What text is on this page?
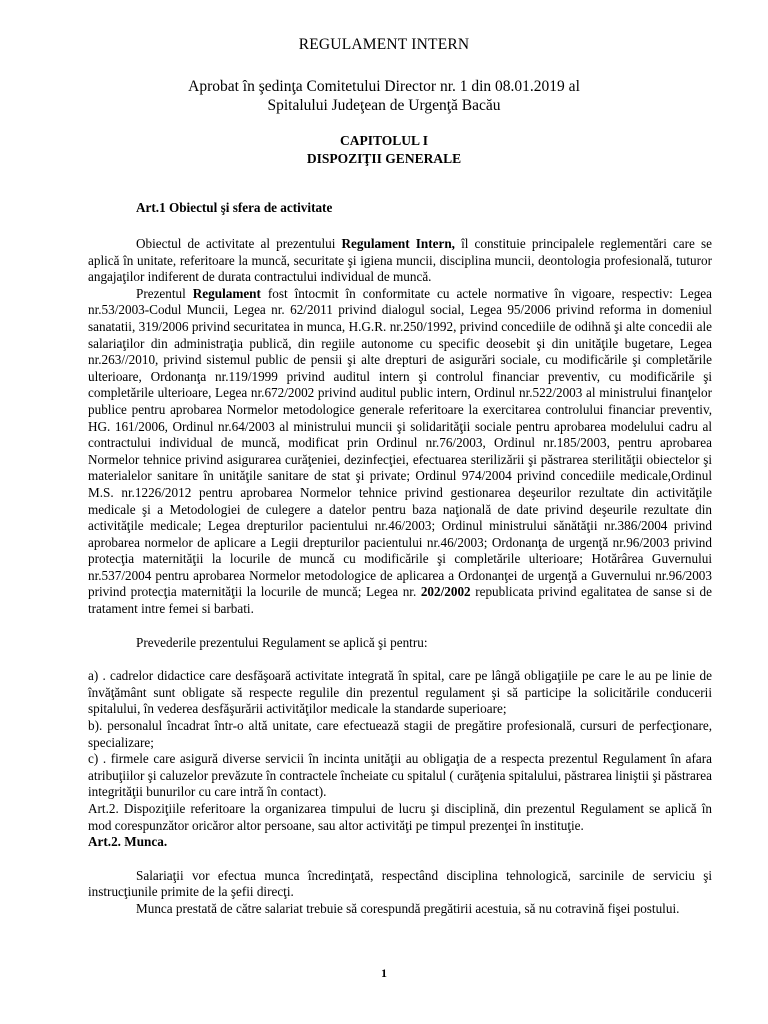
REGULAMENT INTERN
Aprobat în şedinţa Comitetului Director nr. 1 din 08.01.2019 al
Spitalului Judeţean de Urgenţă Bacău
CAPITOLUL I
DISPOZIŢII GENERALE

Art.1 Obiectul şi sfera de activitate

Obiectul de activitate al prezentului Regulament Intern, îl constituie principalele reglementări care se aplică în unitate, referitoare la muncă, securitate şi igiena muncii, disciplina muncii, deontologia profesională, tuturor angajaţilor indiferent de durata contractului individual de muncă.

Prezentul Regulament fost întocmit în conformitate cu actele normative în vigoare, respectiv: Legea nr.53/2003-Codul Muncii, Legea nr. 62/2011 privind dialogul social, Legea 95/2006 privind reforma in domeniul sanatatii, 319/2006 privind securitatea in munca, H.G.R. nr.250/1992, privind concediile de odihnă şi alte concedii ale salariaţilor din administraţia publică, din regiile autonome cu specific deosebit şi din unităţile bugetare, Legea nr.263//2010, privind sistemul public de pensii şi alte drepturi de asigurări sociale, cu modificările şi completările ulterioare, Ordonanţa nr.119/1999 privind auditul intern şi controlul financiar preventiv, cu modificările şi completările ulterioare, Legea nr.672/2002 privind auditul public intern, Ordinul nr.522/2003 al ministrului finanţelor publice pentru aprobarea Normelor metodologice generale referitoare la exercitarea controlului financiar preventiv, HG. 161/2006, Ordinul nr.64/2003 al ministrului muncii şi solidarităţii sociale pentru aprobarea modelului cadru al contractului individual de muncă, modificat prin Ordinul nr.76/2003, Ordinul nr.185/2003, pentru aprobarea Normelor tehnice privind asigurarea curăţeniei, dezinfecţiei, efectuarea sterilizării şi păstrarea sterilităţii obiectelor şi materialelor sanitare în unităţile sanitare de stat şi private; Ordinul 974/2004 privind concediile medicale,Ordinul M.S. nr.1226/2012 pentru aprobarea Normelor tehnice privind gestionarea deşeurilor rezultate din activităţile medicale şi a Metodologiei de culegere a datelor pentru baza naţională de date privind deşeurile rezultate din activităţile medicale; Legea drepturilor pacientului nr.46/2003; Ordinul ministrului sănătăţii nr.386/2004 privind aprobarea normelor de aplicare a Legii drepturilor pacientului nr.46/2003; Ordonanţa de urgenţă nr.96/2003 privind protecţia maternităţii la locurile de muncă cu modificările şi completările ulterioare; Hotărârea Guvernului nr.537/2004 pentru aprobarea Normelor metodologice de aplicarea a Ordonanţei de urgenţă a Guvernului nr.96/2003 privind protecţia maternităţii la locurile de muncă; Legea nr. 202/2002 republicata privind egalitatea de sanse si de tratament intre femei si barbati.

Prevederile prezentului Regulament se aplică şi pentru:

a) . cadrelor didactice care desfăşoară activitate integrată în spital, care pe lângă obligaţiile pe care le au pe linie de învăţământ sunt obligate să respecte regulile din prezentul regulament şi să participe la solicitările conducerii spitalului, în vederea desfăşurării activităţilor medicale la standarde superioare;

b). personalul încadrat într-o altă unitate, care efectuează stagii de pregătire profesională, cursuri de perfecţionare, specializare;

c) . firmele care asigură diverse servicii în incinta unităţii au obligaţia de a respecta prezentul Regulament în afara atribuţiilor şi caluzelor prevăzute în contractele încheiate cu spitalul ( curăţenia spitalului, păstrarea liniştii şi păstrarea integrităţii bunurilor cu care intră în contact).

Art.2. Dispoziţiile referitoare la organizarea timpului de lucru şi disciplină, din prezentul Regulament se aplică în mod corespunzător oricăror altor persoane, sau altor activităţi pe timpul prezenţei în instituţie.

Art.2. Munca.

Salariaţii vor efectua munca încredinţată, respectând disciplina tehnologică, sarcinile de serviciu şi instrucţiunile primite de la şefii direcţi.

Munca prestată de către salariat trebuie să corespundă pregătirii acestuia, să nu cotravină fişei postului.

1
